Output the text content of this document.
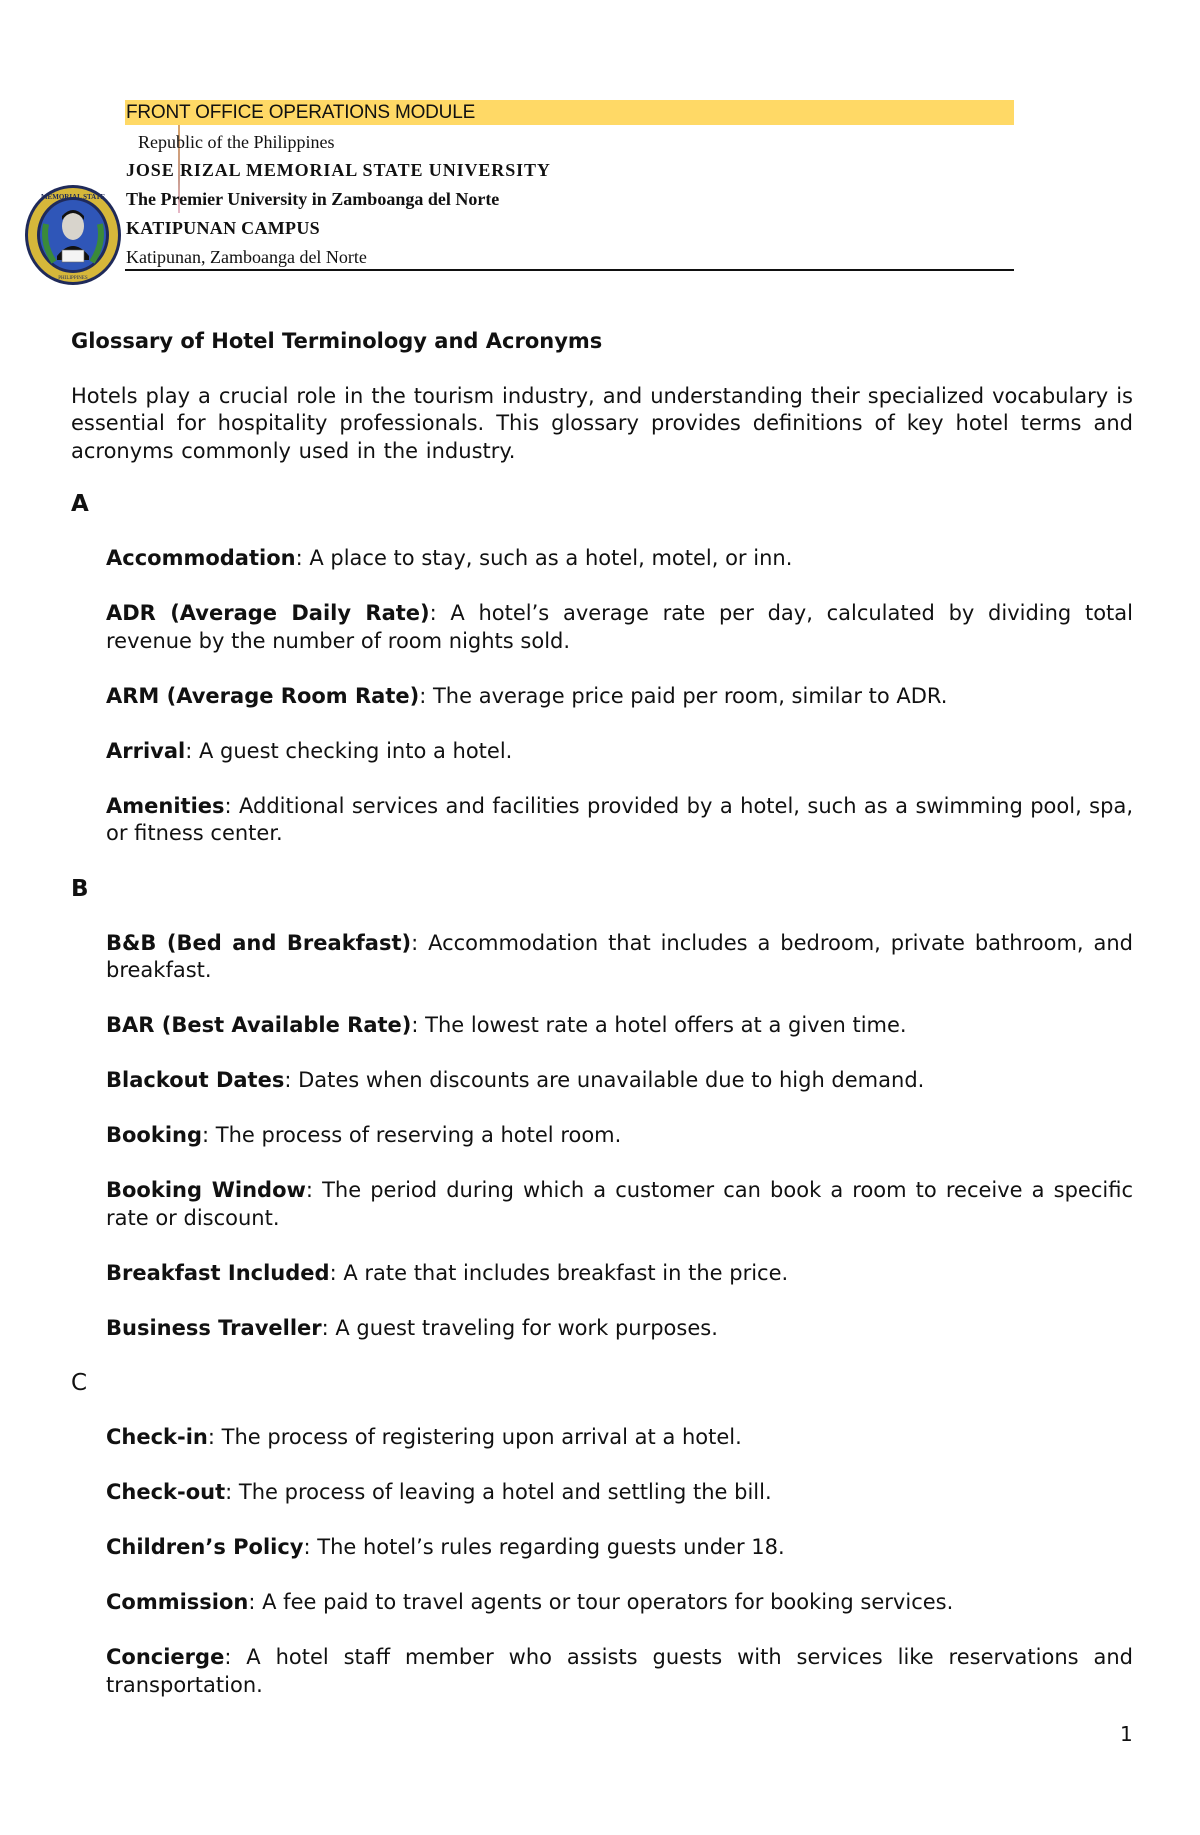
FRONT OFFICE OPERATIONS MODULE
MEMORIAL STATE
PHILIPPINES
Republic of the Philippines
JOSE RIZAL MEMORIAL STATE UNIVERSITY
The Premier University in Zamboanga del Norte
KATIPUNAN CAMPUS
Katipunan, Zamboanga del Norte
Glossary of Hotel Terminology and Acronyms
Hotels play a crucial role in the tourism industry, and understanding their specialized vocabulary is essential for hospitality professionals. This glossary provides definitions of key hotel terms and acronyms commonly used in the industry.
A
Accommodation: A place to stay, such as a hotel, motel, or inn.
ADR (Average Daily Rate): A hotel’s average rate per day, calculated by dividing total revenue by the number of room nights sold.
ARM (Average Room Rate): The average price paid per room, similar to ADR.
Arrival: A guest checking into a hotel.
Amenities: Additional services and facilities provided by a hotel, such as a swimming pool, spa, or fitness center.
B
B&B (Bed and Breakfast): Accommodation that includes a bedroom, private bathroom, and breakfast.
BAR (Best Available Rate): The lowest rate a hotel offers at a given time.
Blackout Dates: Dates when discounts are unavailable due to high demand.
Booking: The process of reserving a hotel room.
Booking Window: The period during which a customer can book a room to receive a specific rate or discount.
Breakfast Included: A rate that includes breakfast in the price.
Business Traveller: A guest traveling for work purposes.
C
Check-in: The process of registering upon arrival at a hotel.
Check-out: The process of leaving a hotel and settling the bill.
Children’s Policy: The hotel’s rules regarding guests under 18.
Commission: A fee paid to travel agents or tour operators for booking services.
Concierge: A hotel staff member who assists guests with services like reservations and transportation.
1
